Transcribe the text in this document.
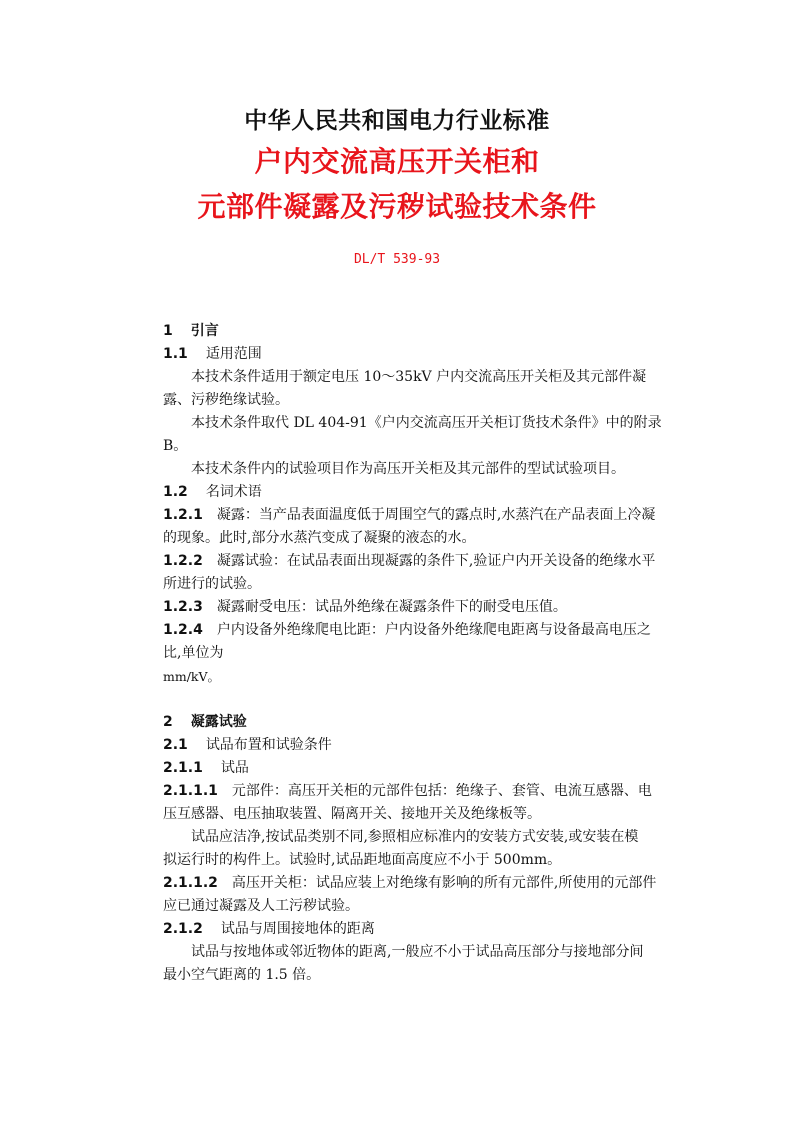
中华人民共和国电力行业标准
户内交流高压开关柜和
元部件凝露及污秽试验技术条件
DL/T 539-93
1 引言
1.1 适用范围
本技术条件适用于额定电压 10～35kV 户内交流高压开关柜及其元部件凝
露、污秽绝缘试验。
本技术条件取代 DL 404-91《户内交流高压开关柜订货技术条件》中的附录
B。
本技术条件内的试验项目作为高压开关柜及其元部件的型试试验项目。
1.2 名词术语
1.2.1 凝露：当产品表面温度低于周围空气的露点时,水蒸汽在产品表面上冷凝
的现象。此时,部分水蒸汽变成了凝聚的液态的水。
1.2.2 凝露试验：在试品表面出现凝露的条件下,验证户内开关设备的绝缘水平
所进行的试验。
1.2.3 凝露耐受电压：试品外绝缘在凝露条件下的耐受电压值。
1.2.4 户内设备外绝缘爬电比距：户内设备外绝缘爬电距离与设备最高电压之
比,单位为
mm/kV。
2 凝露试验
2.1 试品布置和试验条件
2.1.1 试品
2.1.1.1 元部件：高压开关柜的元部件包括：绝缘子、套管、电流互感器、电
压互感器、电压抽取装置、隔离开关、接地开关及绝缘板等。
试品应洁净,按试品类别不同,参照相应标准内的安装方式安装,或安装在模
拟运行时的构件上。试验时,试品距地面高度应不小于 500mm。
2.1.1.2 高压开关柜：试品应装上对绝缘有影响的所有元部件,所使用的元部件
应已通过凝露及人工污秽试验。
2.1.2 试品与周围接地体的距离
试品与按地体或邻近物体的距离,一般应不小于试品高压部分与接地部分间
最小空气距离的 1.5 倍。
